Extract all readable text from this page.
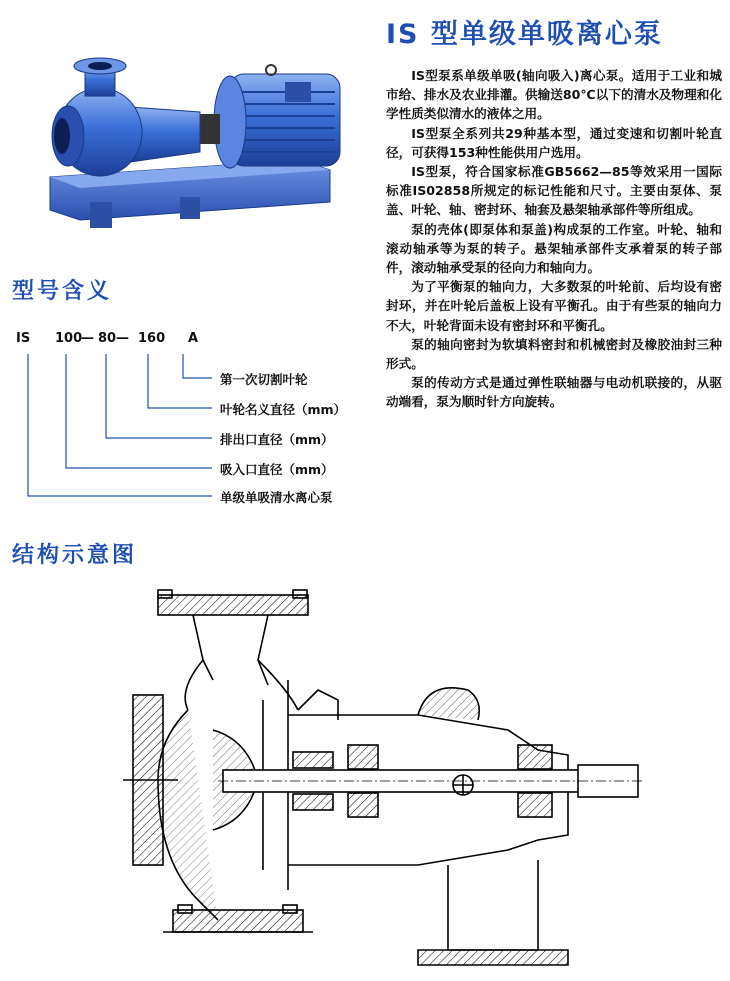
IS 型单级单吸离心泵

IS型泵系单级单吸(轴向吸入)离心泵。适用于工业和城市给、排水及农业排灌。供输送80℃以下的清水及物理和化学性质类似清水的液体之用。

IS型泵全系列共29种基本型，通过变速和切割叶轮直径，可获得153种性能供用户选用。

IS型泵，符合国家标准GB5662—85等效采用一国际标准IS02858所规定的标记性能和尺寸。主要由泵体、泵盖、叶轮、轴、密封环、轴套及悬架轴承部件等所组成。

泵的壳体(即泵体和泵盖)构成泵的工作室。叶轮、轴和滚动轴承等为泵的转子。悬架轴承部件支承着泵的转子部件，滚动轴承受泵的径向力和轴向力。

为了平衡泵的轴向力，大多数泵的叶轮前、后均设有密封环，并在叶轮后盖板上设有平衡孔。由于有些泵的轴向力不大，叶轮背面未设有密封环和平衡孔。

泵的轴向密封为软填料密封和机械密封及橡胶油封三种形式。

泵的传动方式是通过弹性联轴器与电动机联接的，从驱动端看，泵为顺时针方向旋转。

型号含义
IS 100
— 80 — 160 A
第一次切割叶轮
叶轮名义直径（mm）
排出口直径（mm）
吸入口直径（mm）
单级单吸清水离心泵
结构示意图
